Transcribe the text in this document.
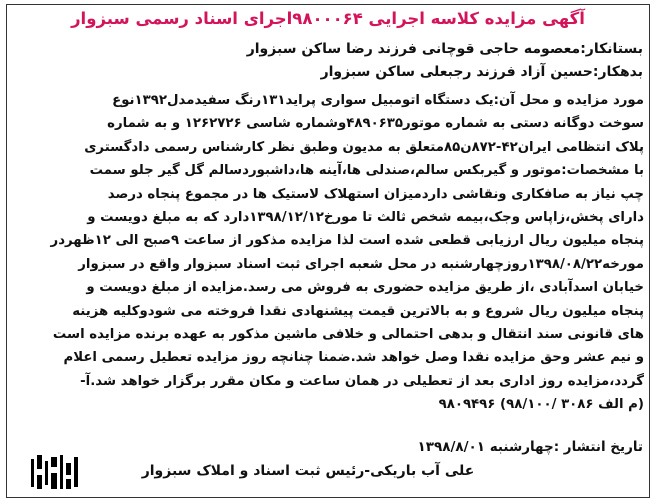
آگهی مزایده کلاسه اجرایی ۹۸۰۰۰۶۴اجرای اسناد رسمی سبزوار
بستانکار:معصومه حاجی قوچانی فرزند رضا ساکن سبزوار
بدهکار:حسین آزاد فرزند رجبعلی ساکن سبزوار
مورد مزایده و محل آن:یک دستگاه اتومبیل سواری پراید۱۳۱رنگ سفیدمدل۱۳۹۲نوع
سوخت دوگانه دستی به شماره موتور۴۸۹۰۶۳۵وشماره شاسی ۱۲۶۲۷۲۶ و به شماره
پلاک انتظامی ایران۴۲-۸۷۲ن۸۵متعلق به مدیون وطبق نظر کارشناس رسمی دادگستری
با مشخصات:موتور و گیربکس سالم،صندلی ها،آینه ها،داشبوردسالم گل گیر جلو سمت
چپ نیاز به صافکاری ونقاشی داردمیزان استهلاک لاستیک ها در مجموع پنجاه درصد
دارای پخش،زاپاس وجک،بیمه شخص ثالث تا مورخ۱۳۹۸/۱۲/۱۲دارد که به مبلغ دویست و
پنجاه میلیون ریال ارزیابی قطعی شده است لذا مزایده مذکور از ساعت ۹صبح الی ۱۲ظهردر
مورخه۱۳۹۸/۰۸/۲۲روزچهارشنبه در محل شعبه اجرای ثبت اسناد سبزوار واقع در سبزوار
خیابان اسدآبادی ،از طریق مزایده حضوری به فروش می رسد.مزایده از مبلغ دویست و
پنجاه میلیون ریال شروع و به بالاترین قیمت پیشنهادی نقدا فروخته می شودوکلیه هزینه
های قانونی سند انتقال و بدهی احتمالی و خلافی ماشین مذکور به عهده برنده مزایده است
و نیم عشر وحق مزایده نقدا وصل خواهد شد.ضمنا چنانچه روز مزایده تعطیل رسمی اعلام
گردد،مزایده روز اداری بعد از تعطیلی در همان ساعت و مکان مقرر برگزار خواهد شد.آ-
۹۸۰۹۴۹۶ (م الف ۳۰۸۶ /۹۸/۱۰۰)
تاریخ انتشار :چهارشنبه ۱۳۹۸/۸/۰۱
علی آب باریکی-رئیس ثبت اسناد و املاک سبزوار
